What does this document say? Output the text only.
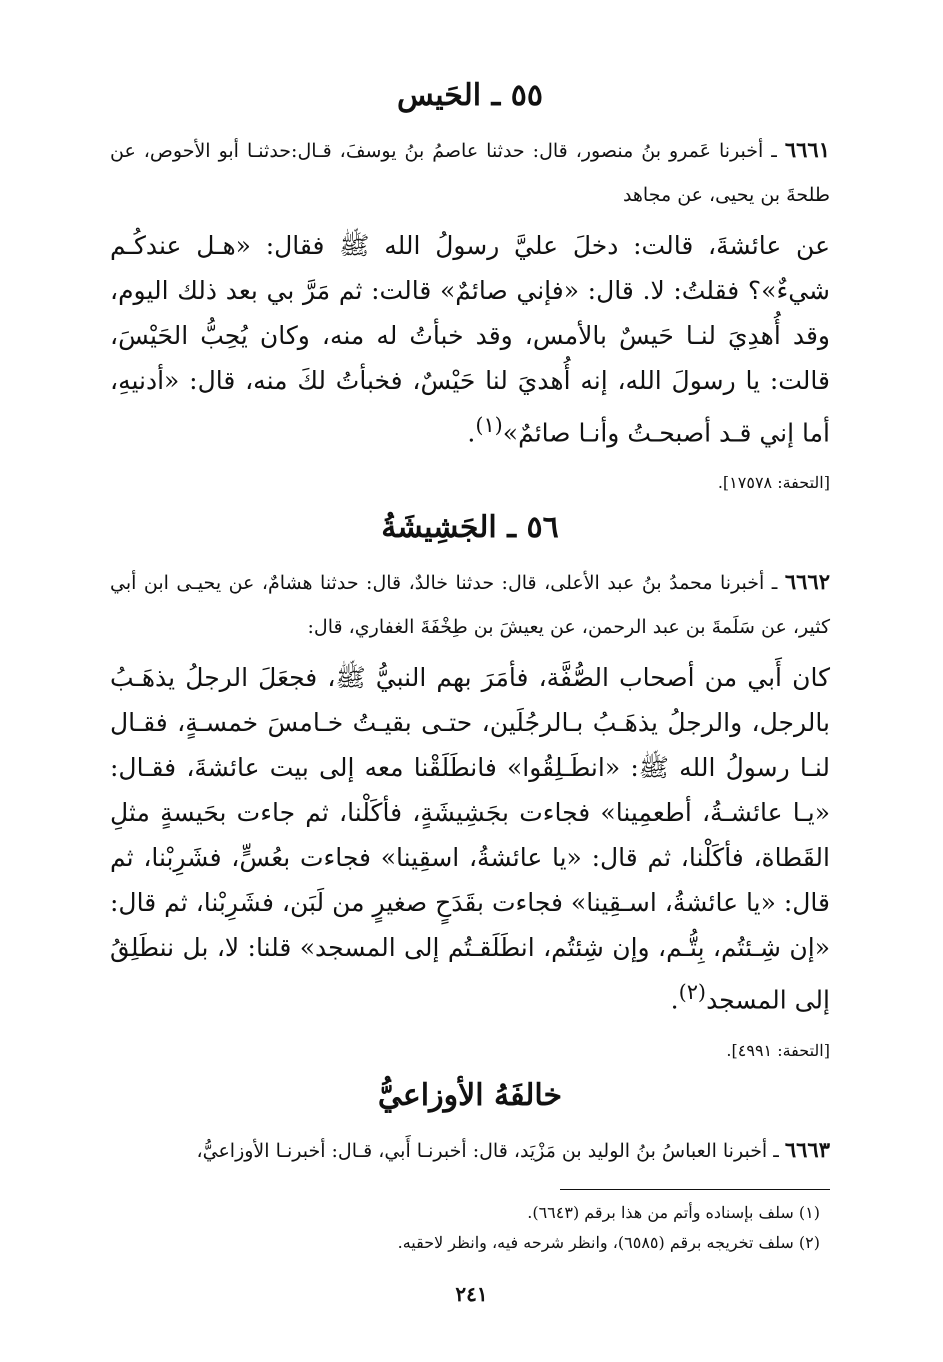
٥٥ ـ الحَيس

٦٦٦١ ـ أخبرنا عَمرو بنُ منصور، قال: حدثنا عاصمُ بنُ يوسفَ، قـال:حدثنـا أبو الأحوص، عن طلحةَ بن يحيى، عن مجاهد

عن عائشةَ، قالت: دخلَ عليَّ رسولُ الله ﷺ فقال: «هـل عندكُـم شيءٌ»؟ فقلتُ: لا. قال: «فإني صائمٌ» قالت: ثم مَرَّ بي بعد ذلك اليوم، وقد أُهدِيَ لنـا حَيسٌ بالأمس، وقد خبأتُ له منه، وكان يُحِبُّ الحَيْسَ، قالت: يا رسولَ الله، إنه أُهديَ لنا حَيْسٌ، فخبأتُ لكَ منه، قال: «أدنيهِ، أما إني قـد أصبحـتُ وأنـا صائمٌ»$^{(١)}$.

[التحفة: ١٧٥٧٨].
٥٦ ـ الجَشِيشَةُ

٦٦٦٢ ـ أخبرنا محمدُ بنُ عبد الأعلى، قال: حدثنا خالدٌ، قال: حدثنا هشامٌ، عن يحيـى ابن أبي كثير، عن سَلَمةَ بن عبد الرحمن، عن يعيشَ بن طِخْفَةَ الغفاري، قال:

كان أَبي من أصحاب الصُّفَّة، فأمَرَ بهم النبيُّ ﷺ، فجعَلَ الرجلُ يذهَـبُ بالرجل، والرجلُ يذهَـبُ بـالرجُلَين، حتـى بقيـتُ خـامسَ خمسـةٍ، فقـال لنـا رسولُ الله ﷺ: «انطَـلِقُوا» فانطَلَقْنا معه إلى بيت عائشةَ، فقـال: «يـا عائشـةُ، أطعمِينا» فجاءت بجَشِيشَةٍ، فأكَلْنا، ثم جاءت بحَيسةٍ مثلِ القَطاة، فأكَلْنا، ثم قال: «يا عائشةُ، اسقِينا» فجاءت بعُسٍّ، فشَرِبْنا، ثم قال: «يا عائشةُ، اسـقِينا» فجاءت بقَدَحٍ صغيرٍ من لَبَن، فشَرِبْنا، ثم قال: «إن شِـئتُم، بِتُّـم، وإن شِئتُم، انطَلَقـتُم إلى المسجد» قلنا: لا، بل ننطَلِقُ إلى المسجد$^{(٢)}$.

[التحفة: ٤٩٩١].
خالفَهُ الأوزاعيُّ

٦٦٦٣ ـ أخبرنا العباسُ بنُ الوليد بن مَزْيَد، قال: أخبرنـا أَبي، قـال: أخبرنـا الأوزاعيُّ،

(١) سلف بإسناده وأتم من هذا برقم (٦٦٤٣).
(٢) سلف تخريجه برقم (٦٥٨٥)، وانظر شرحه فيه، وانظر لاحقيه.
٢٤١
